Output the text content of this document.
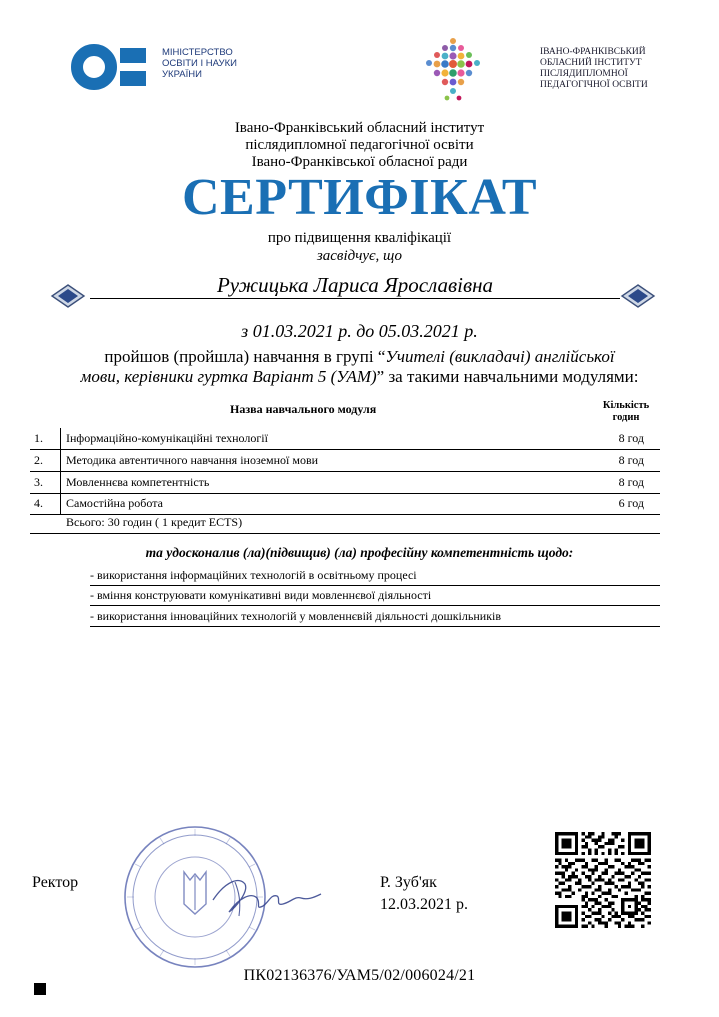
МІНІСТЕРСТВО
ОСВІТИ І НАУКИ
УКРАЇНИ
ІВАНО-ФРАНКІВСЬКИЙ
ОБЛАСНИЙ ІНСТИТУТ
ПІСЛЯДИПЛОМНОЇ
ПЕДАГОГІЧНОЇ ОСВІТИ
Івано-Франківський обласний інститут
післядипломної педагогічної освіти
Івано-Франківської обласної ради
СЕРТИФІКАТ
про підвищення кваліфікації
засвідчує, що
Ружицька Лариса Ярославівна
з 01.03.2021 р. до 05.03.2021 р.
пройшов (пройшла) навчання в групі “Учителі (викладачі) англійської
мови, керівники гуртка Варіант 5 (УАМ)” за такими навчальними модулями:
Назва навчального модуля	Кількість годин
1. Інформаційно-комунікаційні технології	8 год
2. Методика автентичного навчання іноземної мови	8 год
3. Мовленнєва компетентність	8 год
4. Самостійна робота	6 год
Всього: 30 годин ( 1 кредит ECTS)
та удосконалив (ла)(підвищив) (ла) професійну компетентність щодо:
- використання інформаційних технологій в освітньому процесі
- вміння конструювати комунікативні види мовленнєвої діяльності
- використання інноваційних технологій у мовленнєвій діяльності дошкільників
Ректор	Р. Зуб'як
12.03.2021 р.
ПК02136376/УАМ5/02/006024/21
